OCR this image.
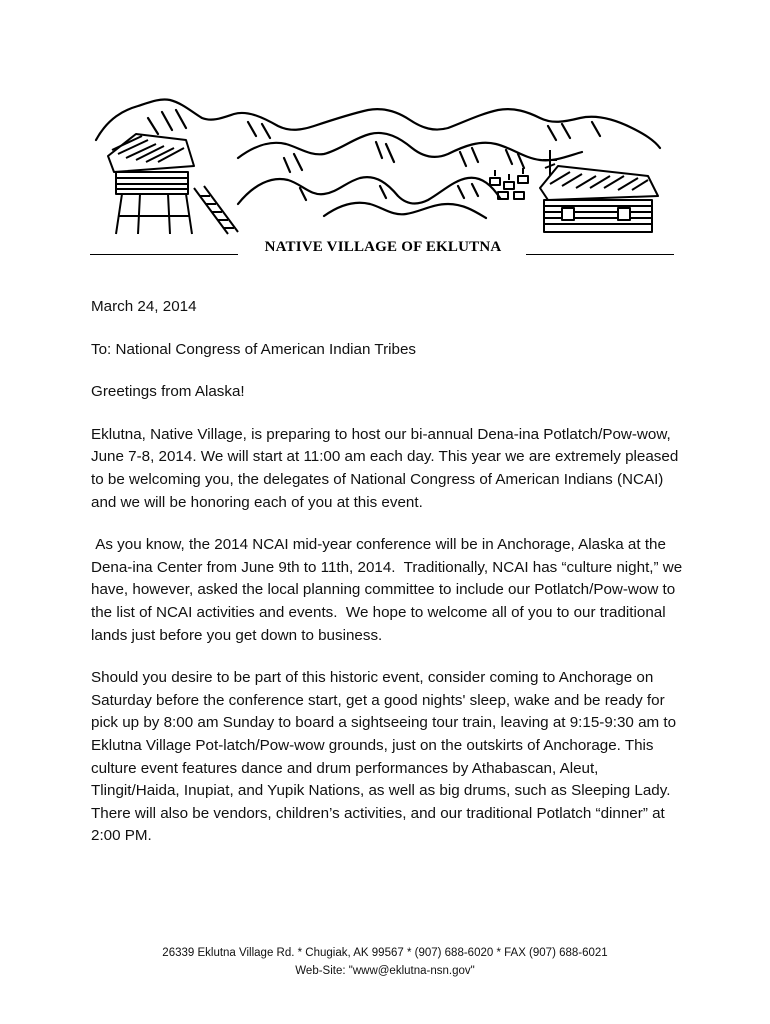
NATIVE VILLAGE OF EKLUTNA

March 24, 2014

To: National Congress of American Indian Tribes

Greetings from Alaska!

Eklutna, Native Village, is preparing to host our bi-annual Dena-ina Potlatch/Pow-wow, June 7-8, 2014. We will start at 11:00 am each day. This year we are extremely pleased to be welcoming you, the delegates of National Congress of American Indians (NCAI) and we will be honoring each of you at this event.

As you know, the 2014 NCAI mid-year conference will be in Anchorage, Alaska at the Dena-ina Center from June 9th to 11th, 2014.  Traditionally, NCAI has “culture night,” we have, however, asked the local planning committee to include our Potlatch/Pow-wow to the list of NCAI activities and events.  We hope to welcome all of you to our traditional lands just before you get down to business.

Should you desire to be part of this historic event, consider coming to Anchorage on Saturday before the conference start, get a good nights' sleep, wake and be ready for pick up by 8:00 am Sunday to board a sightseeing tour train, leaving at 9:15-9:30 am to Eklutna Village Pot-latch/Pow-wow grounds, just on the outskirts of Anchorage. This culture event features dance and drum performances by Athabascan, Aleut, Tlingit/Haida, Inupiat, and Yupik Nations, as well as big drums, such as Sleeping Lady. There will also be vendors, children’s activities, and our traditional Potlatch “dinner” at 2:00 PM.

26339 Eklutna Village Rd. * Chugiak, AK 99567 * (907) 688-6020 * FAX (907) 688-6021
Web-Site: "www@eklutna-nsn.gov"
